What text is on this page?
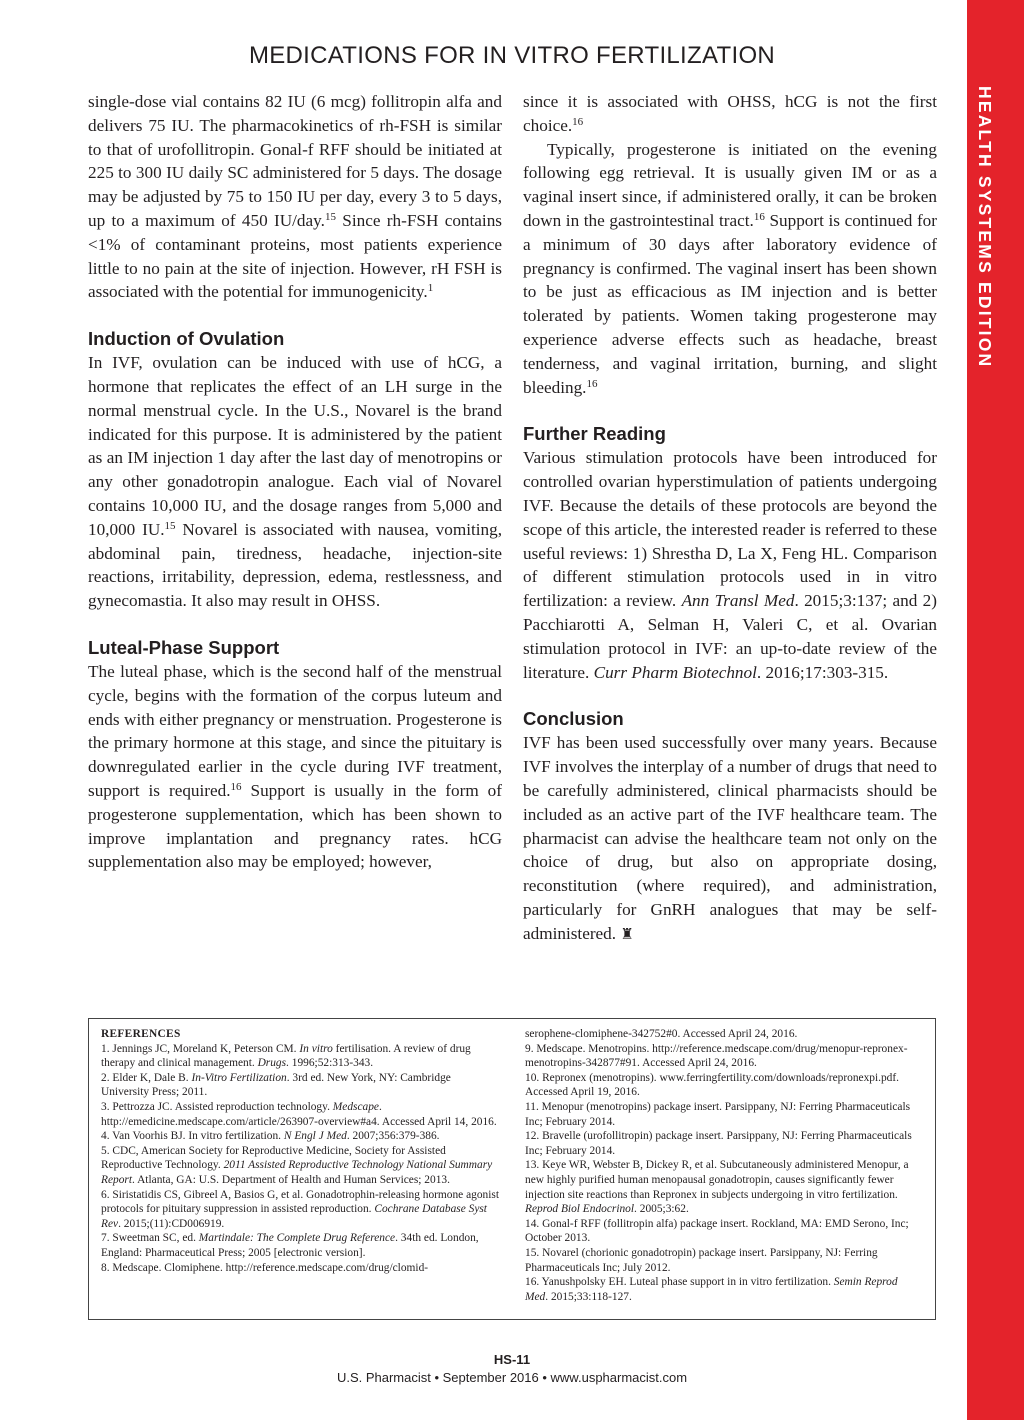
HEALTH SYSTEMS EDITION
MEDICATIONS FOR IN VITRO FERTILIZATION

single-dose vial contains 82 IU (6 mcg) follitropin alfa and delivers 75 IU. The pharmacokinetics of rh-FSH is similar to that of urofollitropin. Gonal-f RFF should be initiated at 225 to 300 IU daily SC administered for 5 days. The dosage may be adjusted by 75 to 150 IU per day, every 3 to 5 days, up to a maximum of 450 IU/day.$^{15}$ Since rh-FSH contains <1% of contaminant proteins, most patients experience little to no pain at the site of injection. However, rH FSH is associated with the potential for immunogenicity.$^1$

Induction of Ovulation

In IVF, ovulation can be induced with use of hCG, a hormone that replicates the effect of an LH surge in the normal menstrual cycle. In the U.S., Novarel is the brand indicated for this purpose. It is administered by the patient as an IM injection 1 day after the last day of menotropins or any other gonadotropin analogue. Each vial of Novarel contains 10,000 IU, and the dosage ranges from 5,000 and 10,000 IU.$^{15}$ Novarel is associated with nausea, vomiting, abdominal pain, tiredness, headache, injection-site reactions, irritability, depression, edema, restlessness, and gynecomastia. It also may result in OHSS.

Luteal-Phase Support

The luteal phase, which is the second half of the menstrual cycle, begins with the formation of the corpus luteum and ends with either pregnancy or menstruation. Progesterone is the primary hormone at this stage, and since the pituitary is downregulated earlier in the cycle during IVF treatment, support is required.$^{16}$ Support is usually in the form of progesterone supplementation, which has been shown to improve implantation and pregnancy rates. hCG supplementation also may be employed; however,

since it is associated with OHSS, hCG is not the first choice.$^{16}$

Typically, progesterone is initiated on the evening following egg retrieval. It is usually given IM or as a vaginal insert since, if administered orally, it can be broken down in the gastrointestinal tract.$^{16}$ Support is continued for a minimum of 30 days after laboratory evidence of pregnancy is confirmed. The vaginal insert has been shown to be just as efficacious as IM injection and is better tolerated by patients. Women taking progesterone may experience adverse effects such as headache, breast tenderness, and vaginal irritation, burning, and slight bleeding.$^{16}$

Further Reading

Various stimulation protocols have been introduced for controlled ovarian hyperstimulation of patients undergoing IVF. Because the details of these protocols are beyond the scope of this article, the interested reader is referred to these useful reviews: 1) Shrestha D, La X, Feng HL. Comparison of different stimulation protocols used in in vitro fertilization: a review. Ann Transl Med. 2015;3:137; and 2) Pacchiarotti A, Selman H, Valeri C, et al. Ovarian stimulation protocol in IVF: an up-to-date review of the literature. Curr Pharm Biotechnol. 2016;17:303-315.

Conclusion

IVF has been used successfully over many years. Because IVF involves the interplay of a number of drugs that need to be carefully administered, clinical pharmacists should be included as an active part of the IVF healthcare team. The pharmacist can advise the healthcare team not only on the choice of drug, but also on appropriate dosing, reconstitution (where required), and administration, particularly for GnRH analogues that may be self-administered. ♜

REFERENCES

1. Jennings JC, Moreland K, Peterson CM. In vitro fertilisation. A review of drug therapy and clinical management. Drugs. 1996;52:313-343.

2. Elder K, Dale B. In-Vitro Fertilization. 3rd ed. New York, NY: Cambridge University Press; 2011.

3. Pettrozza JC. Assisted reproduction technology. Medscape. http://emedicine.medscape.com/article/263907-overview#a4. Accessed April 14, 2016.

4. Van Voorhis BJ. In vitro fertilization. N Engl J Med. 2007;356:379-386.

5. CDC, American Society for Reproductive Medicine, Society for Assisted Reproductive Technology. 2011 Assisted Reproductive Technology National Summary Report. Atlanta, GA: U.S. Department of Health and Human Services; 2013.

6. Siristatidis CS, Gibreel A, Basios G, et al. Gonadotrophin-releasing hormone agonist protocols for pituitary suppression in assisted reproduction. Cochrane Database Syst Rev. 2015;(11):CD006919.

7. Sweetman SC, ed. Martindale: The Complete Drug Reference. 34th ed. London, England: Pharmaceutical Press; 2005 [electronic version].

8. Medscape. Clomiphene. http://reference.medscape.com/drug/clomid-

serophene-clomiphene-342752#0. Accessed April 24, 2016.

9. Medscape. Menotropins. http://reference.medscape.com/drug/menopur-repronex-menotropins-342877#91. Accessed April 24, 2016.

10. Repronex (menotropins). www.ferringfertility.com/downloads/repronexpi.pdf. Accessed April 19, 2016.

11. Menopur (menotropins) package insert. Parsippany, NJ: Ferring Pharmaceuticals Inc; February 2014.

12. Bravelle (urofollitropin) package insert. Parsippany, NJ: Ferring Pharmaceuticals Inc; February 2014.

13. Keye WR, Webster B, Dickey R, et al. Subcutaneously administered Menopur, a new highly purified human menopausal gonadotropin, causes significantly fewer injection site reactions than Repronex in subjects undergoing in vitro fertilization. Reprod Biol Endocrinol. 2005;3:62.

14. Gonal-f RFF (follitropin alfa) package insert. Rockland, MA: EMD Serono, Inc; October 2013.

15. Novarel (chorionic gonadotropin) package insert. Parsippany, NJ: Ferring Pharmaceuticals Inc; July 2012.

16. Yanushpolsky EH. Luteal phase support in in vitro fertilization. Semin Reprod Med. 2015;33:118-127.

HS-11
U.S. Pharmacist • September 2016 • www.uspharmacist.com
